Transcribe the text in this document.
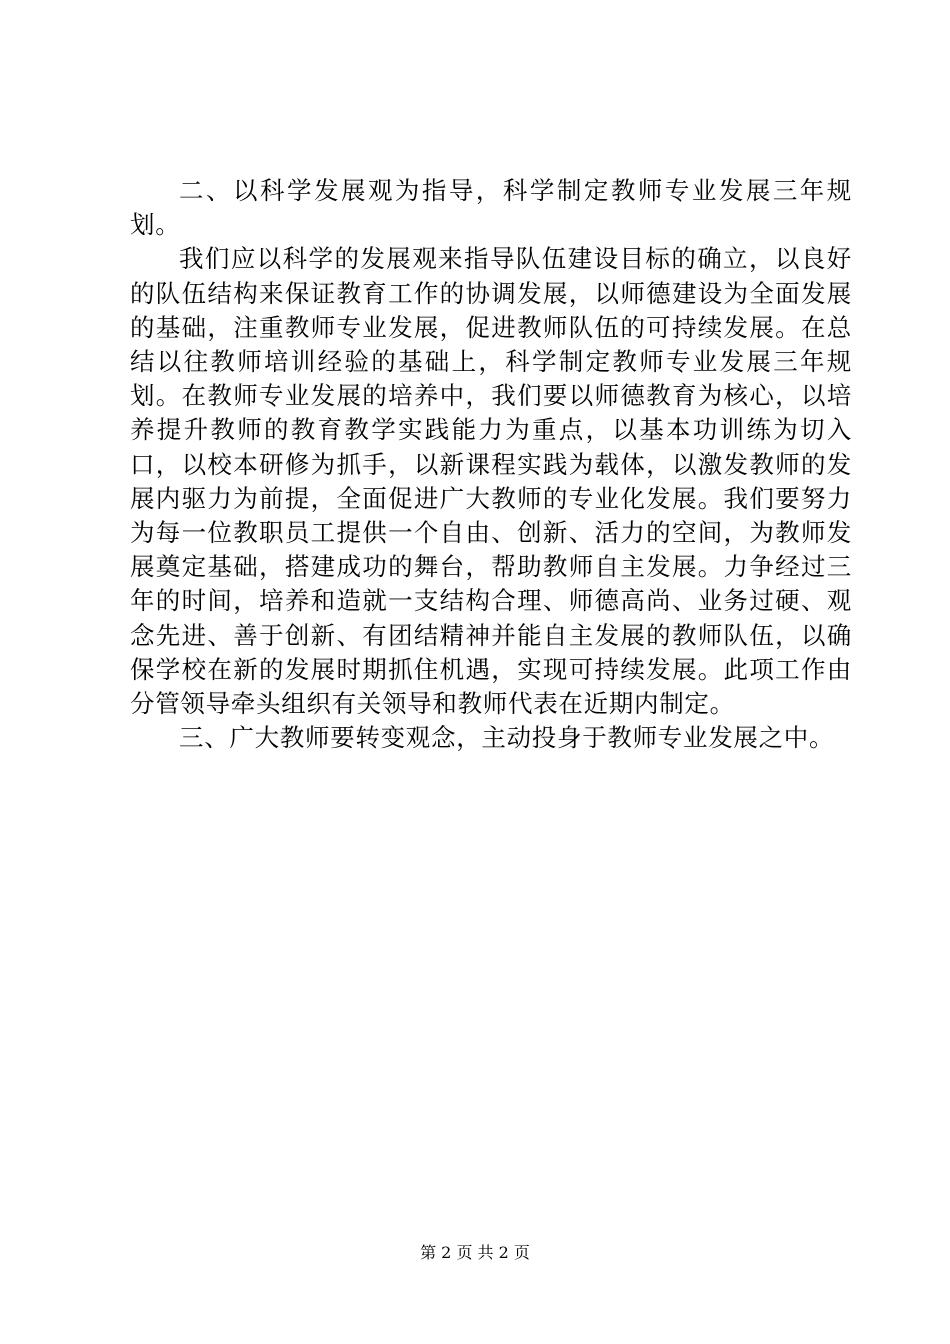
二、以科学发展观为指导，科学制定教师专业发展三年规划。

我们应以科学的发展观来指导队伍建设目标的确立，以良好的队伍结构来保证教育工作的协调发展，以师德建设为全面发展的基础，注重教师专业发展，促进教师队伍的可持续发展。在总结以往教师培训经验的基础上，科学制定教师专业发展三年规划。在教师专业发展的培养中，我们要以师德教育为核心，以培养提升教师的教育教学实践能力为重点，以基本功训练为切入口，以校本研修为抓手，以新课程实践为载体，以激发教师的发展内驱力为前提，全面促进广大教师的专业化发展。我们要努力为每一位教职员工提供一个自由、创新、活力的空间，为教师发展奠定基础，搭建成功的舞台，帮助教师自主发展。力争经过三年的时间，培养和造就一支结构合理、师德高尚、业务过硬、观念先进、善于创新、有团结精神并能自主发展的教师队伍，以确保学校在新的发展时期抓住机遇，实现可持续发展。此项工作由分管领导牵头组织有关领导和教师代表在近期内制定。

三、广大教师要转变观念，主动投身于教师专业发展之中。

第 2 页 共 2 页
